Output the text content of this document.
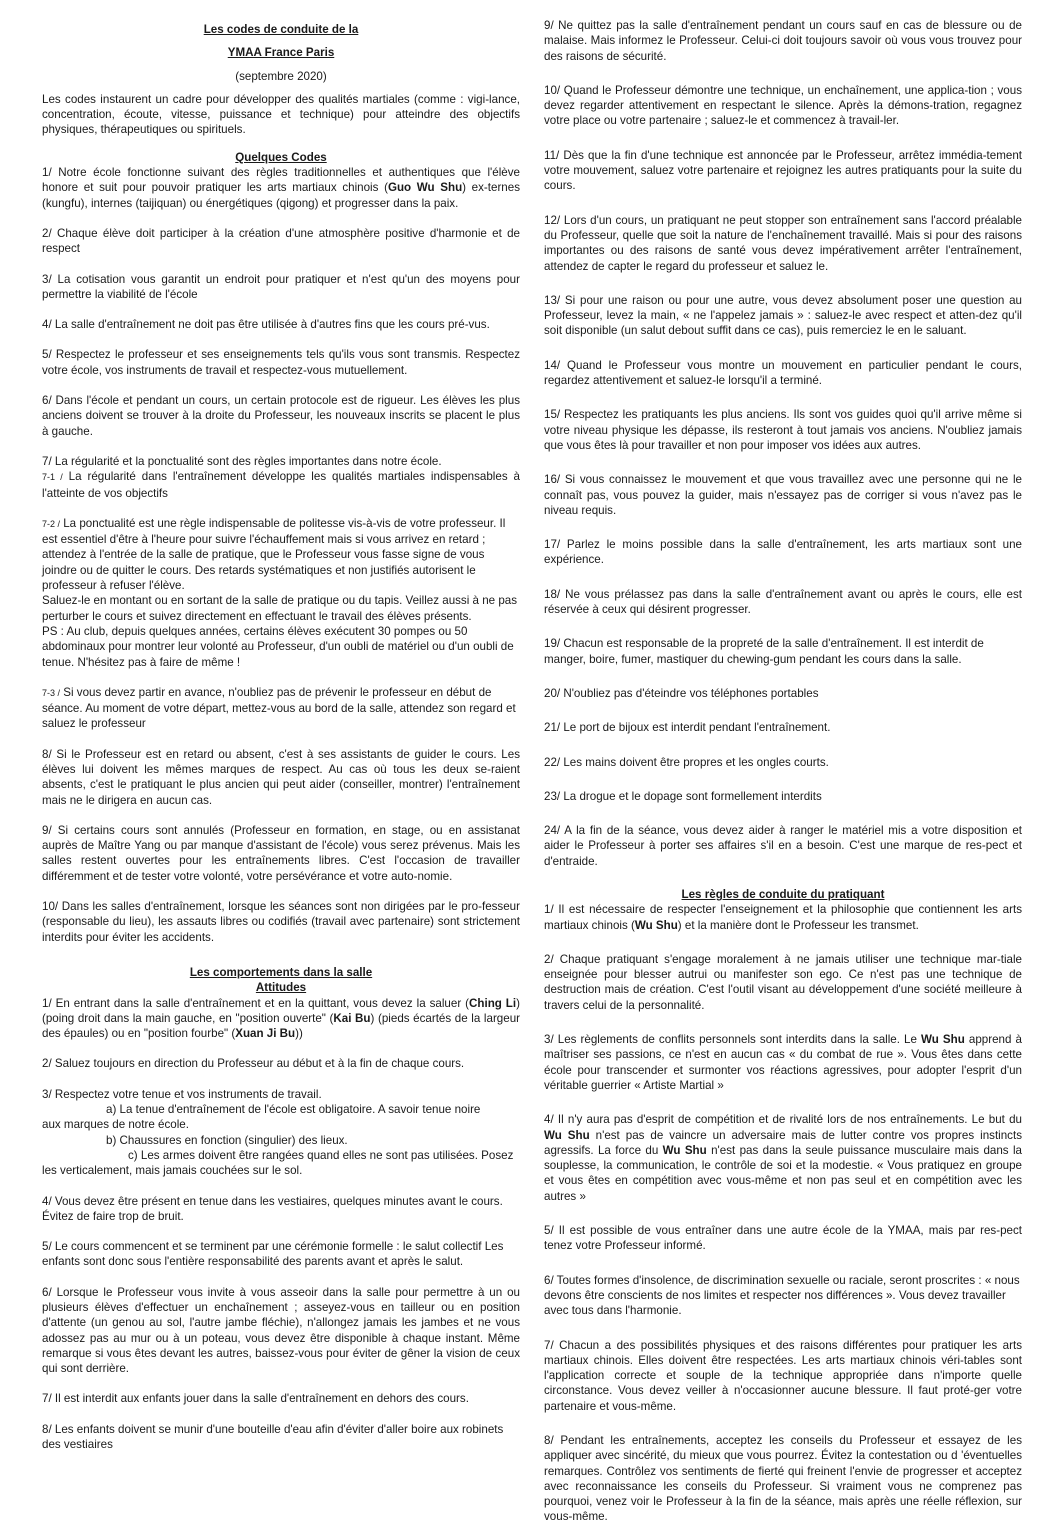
Les codes de conduite de la

YMAA France Paris

(septembre 2020)

Les codes instaurent un cadre pour développer des qualités martiales (comme : vigi-lance, concentration, écoute, vitesse, puissance et technique) pour atteindre des objectifs physiques, thérapeutiques ou spirituels.

Quelques Codes

1/ Notre école fonctionne suivant des règles traditionnelles et authentiques que l'élève honore et suit pour pouvoir pratiquer les arts martiaux chinois (Guo Wu Shu) ex-ternes (kungfu), internes (taijiquan) ou énergétiques (qigong) et progresser dans la paix.

2/ Chaque élève doit participer à la création d'une atmosphère positive d'harmonie et de respect

3/ La cotisation vous garantit un endroit pour pratiquer et n'est qu'un des moyens pour permettre la viabilité de l'école

4/ La salle d'entraînement ne doit pas être utilisée à d'autres fins que les cours pré-vus.

5/ Respectez le professeur et ses enseignements tels qu'ils vous sont transmis. Respectez votre école, vos instruments de travail et respectez-vous mutuellement.

6/ Dans l'école et pendant un cours, un certain protocole est de rigueur. Les élèves les plus anciens doivent se trouver à la droite du Professeur, les nouveaux inscrits se placent le plus à gauche.

7/ La régularité et la ponctualité sont des règles importantes dans notre école.

7-1 / La régularité dans l'entraînement développe les qualités martiales indispensables à l'atteinte de vos objectifs

7-2 / La ponctualité est une règle indispensable de politesse vis-à-vis de votre professeur. Il est essentiel d'être à l'heure pour suivre l'échauffement mais si vous arrivez en retard ; attendez à l'entrée de la salle de pratique, que le Professeur vous fasse signe de vous joindre ou de quitter le cours. Des retards systématiques et non justifiés autorisent le professeur à refuser l'élève.

Saluez-le en montant ou en sortant de la salle de pratique ou du tapis. Veillez aussi à ne pas perturber le cours et suivez directement en effectuant le travail des élèves présents.

PS : Au club, depuis quelques années, certains élèves exécutent 30 pompes ou 50 abdominaux pour montrer leur volonté au Professeur, d'un oubli de matériel ou d'un oubli de tenue. N'hésitez pas à faire de même !

7-3 / Si vous devez partir en avance, n'oubliez pas de prévenir le professeur en début de séance. Au moment de votre départ, mettez-vous au bord de la salle, attendez son regard et saluez le professeur

8/ Si le Professeur est en retard ou absent, c'est à ses assistants de guider le cours. Les élèves lui doivent les mêmes marques de respect. Au cas où tous les deux se-raient absents, c'est le pratiquant le plus ancien qui peut aider (conseiller, montrer) l'entraînement mais ne le dirigera en aucun cas.

9/ Si certains cours sont annulés (Professeur en formation, en stage, ou en assistanat auprès de Maître Yang ou par manque d'assistant de l'école) vous serez prévenus. Mais les salles restent ouvertes pour les entraînements libres. C'est l'occasion de travailler différemment et de tester votre volonté, votre persévérance et votre auto-nomie.

10/ Dans les salles d'entraînement, lorsque les séances sont non dirigées par le pro-fesseur (responsable du lieu), les assauts libres ou codifiés (travail avec partenaire) sont strictement interdits pour éviter les accidents.

Les comportements dans la salle

Attitudes

1/ En entrant dans la salle d'entraînement et en la quittant, vous devez la saluer (Ching Li) (poing droit dans la main gauche, en "position ouverte" (Kai Bu) (pieds écartés de la largeur des épaules) ou en "position fourbe" (Xuan Ji Bu))

2/ Saluez toujours en direction du Professeur au début et à la fin de chaque cours.

3/ Respectez votre tenue et vos instruments de travail.

a) La tenue d'entraînement de l'école est obligatoire. A savoir tenue noire

aux marques de notre école.

b) Chaussures en fonction (singulier) des lieux.

c) Les armes doivent être rangées quand elles ne sont pas utilisées. Posez

les verticalement, mais jamais couchées sur le sol.

4/ Vous devez être présent en tenue dans les vestiaires, quelques minutes avant le cours. Évitez de faire trop de bruit.

5/ Le cours commencent et se terminent par une cérémonie formelle : le salut collectif Les enfants sont donc sous l'entière responsabilité des parents avant et après le salut.

6/ Lorsque le Professeur vous invite à vous asseoir dans la salle pour permettre à un ou plusieurs élèves d'effectuer un enchaînement ; asseyez-vous en tailleur ou en position d'attente (un genou au sol, l'autre jambe fléchie), n'allongez jamais les jambes et ne vous adossez pas au mur ou à un poteau, vous devez être disponible à chaque instant. Même remarque si vous êtes devant les autres, baissez-vous pour éviter de gêner la vision de ceux qui sont derrière.

7/ Il est interdit aux enfants jouer dans la salle d'entraînement en dehors des cours.

8/ Les enfants doivent se munir d'une bouteille d'eau afin d'éviter d'aller boire aux robinets des vestiaires

9/ Ne quittez pas la salle d'entraînement pendant un cours sauf en cas de blessure ou de malaise. Mais informez le Professeur. Celui-ci doit toujours savoir où vous vous trouvez pour des raisons de sécurité.

10/ Quand le Professeur démontre une technique, un enchaînement, une applica-tion ; vous devez regarder attentivement en respectant le silence. Après la démons-tration, regagnez votre place ou votre partenaire ; saluez-le et commencez à travail-ler.

11/ Dès que la fin d'une technique est annoncée par le Professeur, arrêtez immédia-tement votre mouvement, saluez votre partenaire et rejoignez les autres pratiquants pour la suite du cours.

12/ Lors d'un cours, un pratiquant ne peut stopper son entraînement sans l'accord préalable du Professeur, quelle que soit la nature de l'enchaînement travaillé. Mais si pour des raisons importantes ou des raisons de santé vous devez impérativement arrêter l'entraînement, attendez de capter le regard du professeur et saluez le.

13/ Si pour une raison ou pour une autre, vous devez absolument poser une question au Professeur, levez la main, « ne l'appelez jamais » : saluez-le avec respect et atten-dez qu'il soit disponible (un salut debout suffit dans ce cas), puis remerciez le en le saluant.

14/ Quand le Professeur vous montre un mouvement en particulier pendant le cours, regardez attentivement et saluez-le lorsqu'il a terminé.

15/ Respectez les pratiquants les plus anciens. Ils sont vos guides quoi qu'il arrive même si votre niveau physique les dépasse, ils resteront à tout jamais vos anciens. N'oubliez jamais que vous êtes là pour travailler et non pour imposer vos idées aux autres.

16/ Si vous connaissez le mouvement et que vous travaillez avec une personne qui ne le connaît pas, vous pouvez la guider, mais n'essayez pas de corriger si vous n'avez pas le niveau requis.

17/ Parlez le moins possible dans la salle d'entraînement, les arts martiaux sont une expérience.

18/ Ne vous prélassez pas dans la salle d'entraînement avant ou après le cours, elle est réservée à ceux qui désirent progresser.

19/ Chacun est responsable de la propreté de la salle d'entraînement. Il est interdit de manger, boire, fumer, mastiquer du chewing-gum pendant les cours dans la salle.

20/ N'oubliez pas d'éteindre vos téléphones portables

21/ Le port de bijoux est interdit pendant l'entraînement.

22/ Les mains doivent être propres et les ongles courts.

23/ La drogue et le dopage sont formellement interdits

24/ A la fin de la séance, vous devez aider à ranger le matériel mis a votre disposition et aider le Professeur à porter ses affaires s'il en a besoin. C'est une marque de res-pect et d'entraide.

Les règles de conduite du pratiquant

1/ Il est nécessaire de respecter l'enseignement et la philosophie que contiennent les arts martiaux chinois (Wu Shu) et la manière dont le Professeur les transmet.

2/ Chaque pratiquant s'engage moralement à ne jamais utiliser une technique mar-tiale enseignée pour blesser autrui ou manifester son ego. Ce n'est pas une technique de destruction mais de création. C'est l'outil visant au développement d'une société meilleure à travers celui de la personnalité.

3/ Les règlements de conflits personnels sont interdits dans la salle. Le Wu Shu apprend à maîtriser ses passions, ce n'est en aucun cas « du combat de rue ». Vous êtes dans cette école pour transcender et surmonter vos réactions agressives, pour adopter l'esprit d'un véritable guerrier « Artiste Martial »

4/ Il n'y aura pas d'esprit de compétition et de rivalité lors de nos entraînements. Le but du Wu Shu n'est pas de vaincre un adversaire mais de lutter contre vos propres instincts agressifs. La force du Wu Shu n'est pas dans la seule puissance musculaire mais dans la souplesse, la communication, le contrôle de soi et la modestie. « Vous pratiquez en groupe et vous êtes en compétition avec vous-même et non pas seul et en compétition avec les autres »

5/ Il est possible de vous entraîner dans une autre école de la YMAA, mais par res-pect tenez votre Professeur informé.

6/ Toutes formes d'insolence, de discrimination sexuelle ou raciale, seront proscrites : « nous devons être conscients de nos limites et respecter nos différences ». Vous devez travailler avec tous dans l'harmonie.

7/ Chacun a des possibilités physiques et des raisons différentes pour pratiquer les arts martiaux chinois. Elles doivent être respectées. Les arts martiaux chinois véri-tables sont l'application correcte et souple de la technique appropriée dans n'importe quelle circonstance. Vous devez veiller à n'occasionner aucune blessure. Il faut proté-ger votre partenaire et vous-même.

8/ Pendant les entraînements, acceptez les conseils du Professeur et essayez de les appliquer avec sincérité, du mieux que vous pourrez. Évitez la contestation ou d 'éventuelles remarques. Contrôlez vos sentiments de fierté qui freinent l'envie de progresser et acceptez avec reconnaissance les conseils du Professeur. Si vraiment vous ne comprenez pas pourquoi, venez voir le Professeur à la fin de la séance, mais après une réelle réflexion, sur vous-même.
